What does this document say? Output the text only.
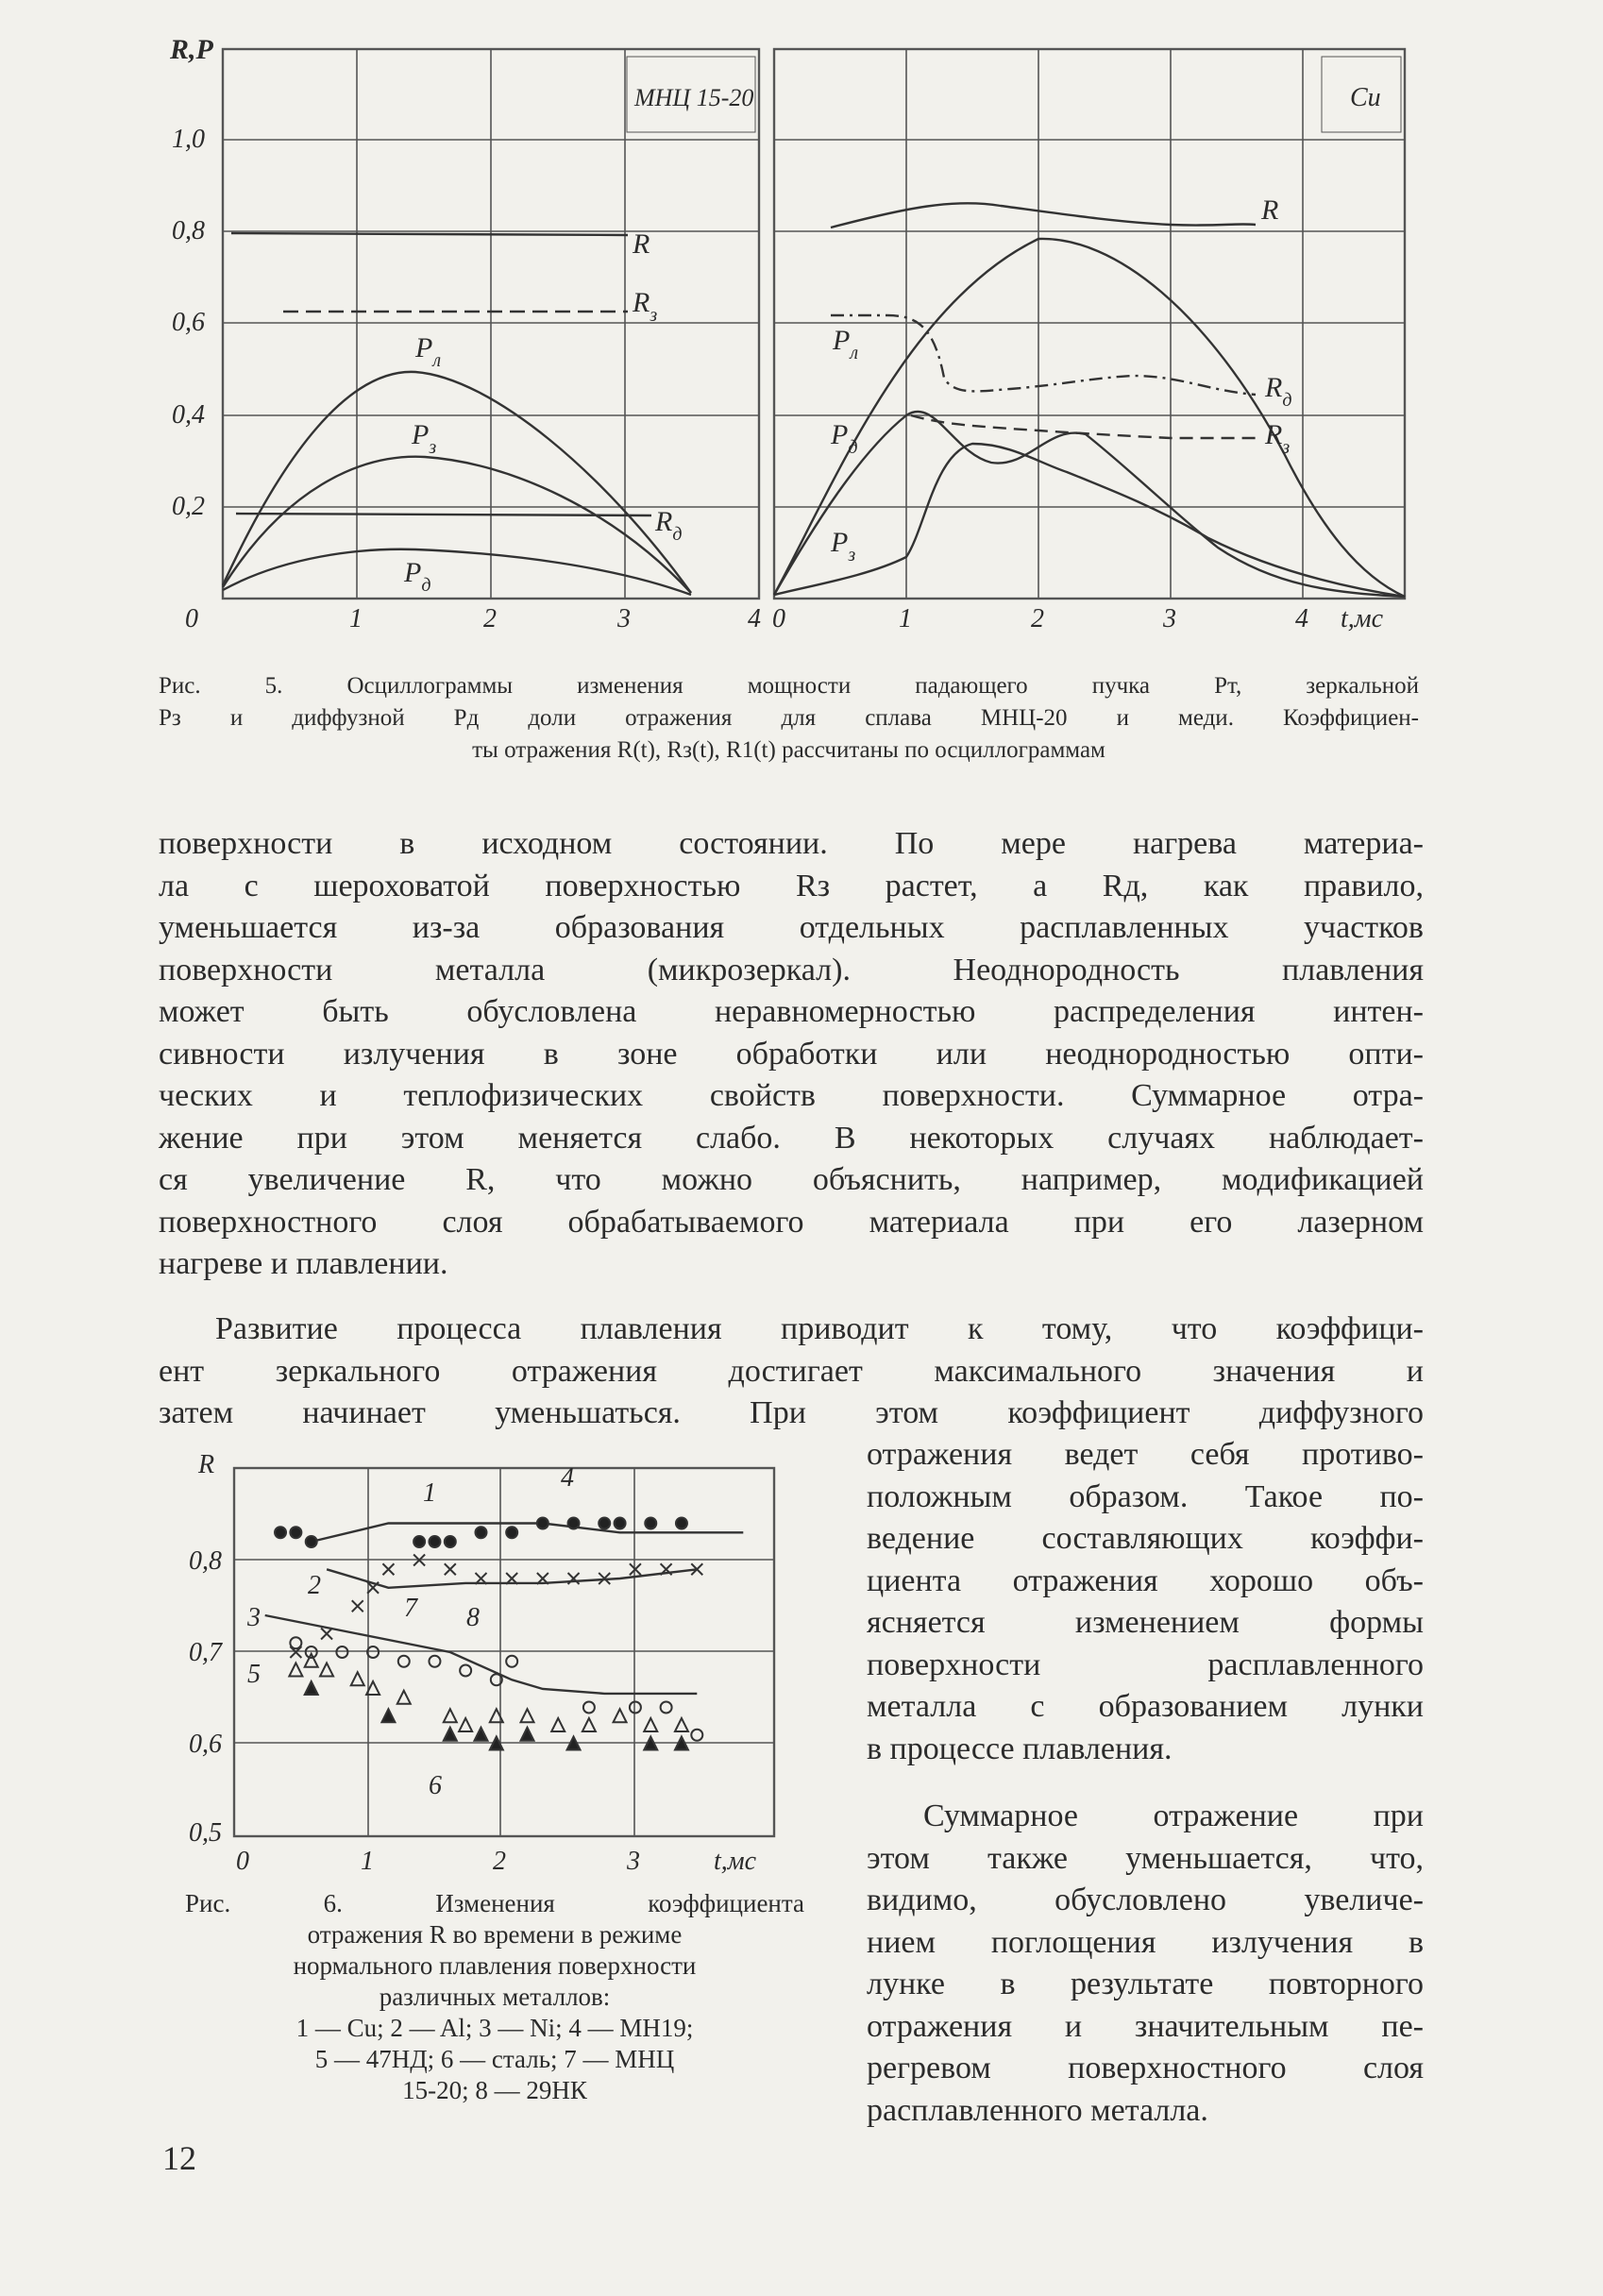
R,P
1,0
0,8
0,6
0,4
0,2
0	1	2	3	4 0	1	2	3	4 t,мс
МНЦ 15-20	Cu
R
$R_з$
$P_л$
$P_з$
$R_д$
$P_д$
R
$R_д$
$R_з$
$P_л$
$P_д$
$P_з$
Рис. 5. Осциллограммы изменения мощности падающего пучка Pт, зеркальной
Pз и диффузной Pд доли отражения для сплава МНЦ-20 и меди. Коэффициен-
ты отражения R(t), Rз(t), R1(t) рассчитаны по осциллограммам

поверхности в исходном состоянии. По мере нагрева материа-

ла с шероховатой поверхностью Rз растет, а Rд, как правило,

уменьшается из-за образования отдельных расплавленных участков

поверхности металла (микрозеркал). Неоднородность плавления

может быть обусловлена неравномерностью распределения интен-

сивности излучения в зоне обработки или неоднородностью опти-

ческих и теплофизических свойств поверхности. Суммарное отра-

жение при этом меняется слабо. В некоторых случаях наблюдает-

ся увеличение R, что можно объяснить, например, модификацией

поверхностного слоя обрабатываемого материала при его лазерном

нагреве и плавлении.

Развитие процесса плавления приводит к тому, что коэффици-

ент зеркального отражения достигает максимального значения и

затем начинает уменьшаться. При этом коэффициент диффузного

отражения ведет себя противо-

положным образом. Такое по-

ведение составляющих коэффи-

циента отражения хорошо объ-

ясняется изменением формы

поверхности расплавленного

металла с образованием лунки

в процессе плавления.

Суммарное отражение при

этом также уменьшается, что,

видимо, обусловлено увеличе-

нием поглощения излучения в

лунке в результате повторного

отражения и значительным пе-

регревом поверхностного слоя

расплавленного металла.

R
0,8
0,7
0,6
0,5
0	1	2	3	t,мс
1
2
3
4
5
6
7 8
Рис. 6. Изменения коэффициента
отражения R во времени в режиме
нормального плавления поверхности
различных металлов:
1 — Cu; 2 — Al; 3 — Ni; 4 — МН19;
5 — 47НД; 6 — сталь; 7 — МНЦ
15-20; 8 — 29НК
12
